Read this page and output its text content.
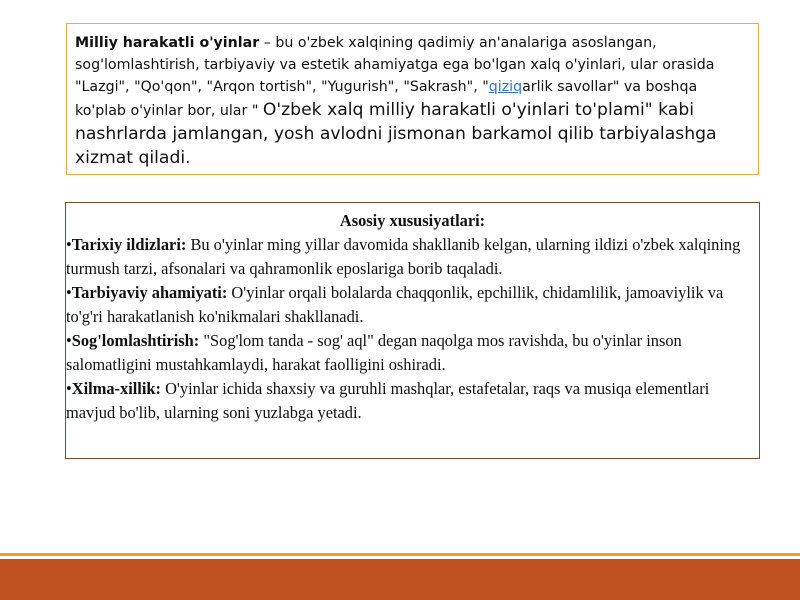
Milliy harakatli o'yinlar – bu o'zbek xalqining qadimiy an'analariga asoslangan, sog'lomlashtirish, tarbiyaviy va estetik ahamiyatga ega bo'lgan xalq o'yinlari, ular orasida "Lazgi", "Qo'qon", "Arqon tortish", "Yugurish", "Sakrash", "qiziqarlik savollar" va boshqa ko'plab o'yinlar bor, ular " O'zbek xalq milliy harakatli o'yinlari to'plami" kabi nashrlarda jamlangan, yosh avlodni jismonan barkamol qilib tarbiyalashga xizmat qiladi.

Asosiy xususiyatlari:

•Tarixiy ildizlari: Bu o'yinlar ming yillar davomida shakllanib kelgan, ularning ildizi o'zbek xalqining turmush tarzi, afsonalari va qahramonlik eposlariga borib taqaladi.

•Tarbiyaviy ahamiyati: O'yinlar orqali bolalarda chaqqonlik, epchillik, chidamlilik, jamoaviylik va to'g'ri harakatlanish ko'nikmalari shakllanadi.

•Sog'lomlashtirish: "Sog'lom tanda - sog' aql" degan naqolga mos ravishda, bu o'yinlar inson salomatligini mustahkamlaydi, harakat faolligini oshiradi.

•Xilma-xillik: O'yinlar ichida shaxsiy va guruhli mashqlar, estafetalar, raqs va musiqa elementlari mavjud bo'lib, ularning soni yuzlabga yetadi.
